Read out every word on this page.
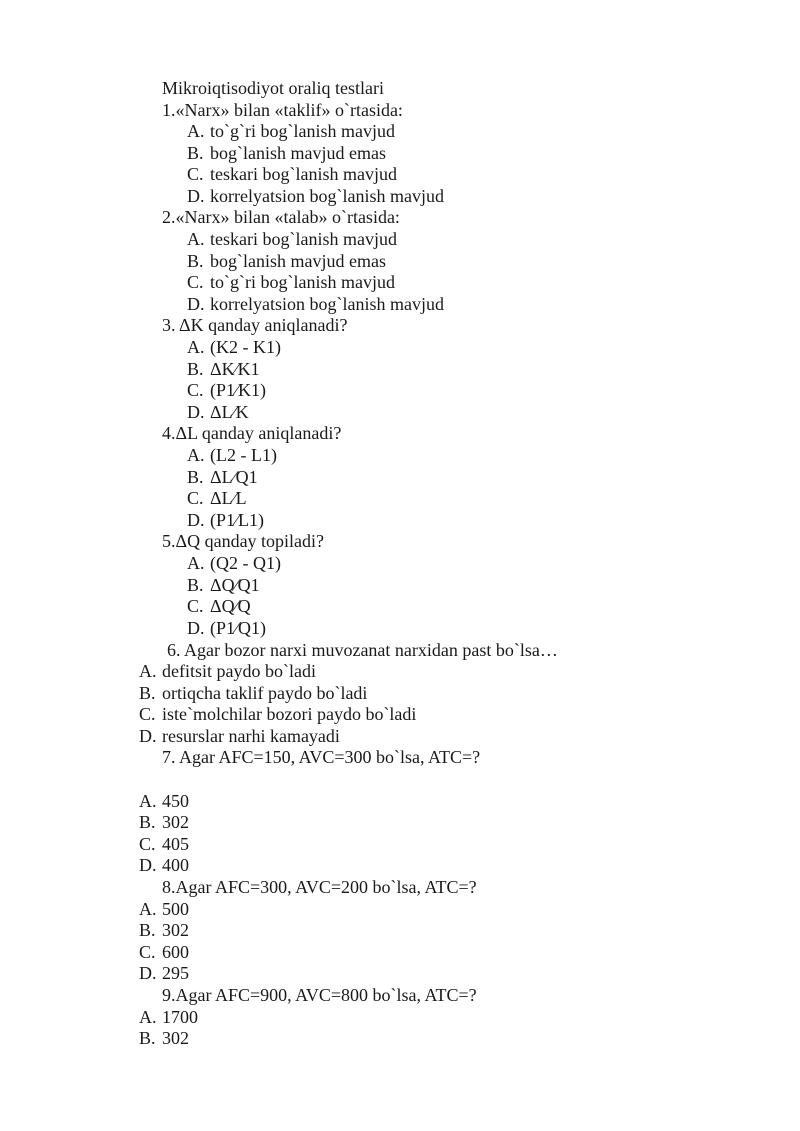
Mikroiqtisodiyot oraliq testlari
1.«Narx» bilan «taklif» o`rtasida:
A. to`g`ri bog`lanish mavjud
B. bog`lanish mavjud emas
C. teskari bog`lanish mavjud
D. korrelyatsion bog`lanish mavjud
2.«Narx» bilan «talab» o`rtasida:
A. teskari bog`lanish mavjud
B. bog`lanish mavjud emas
C. to`g`ri bog`lanish mavjud
D. korrelyatsion bog`lanish mavjud
3. ΔK qanday aniqlanadi?
A. (K2 - K1)
B. ΔK⁄K1
C. (P1⁄K1)
D. ΔL⁄K
4.ΔL qanday aniqlanadi?
A. (L2 - L1)
B. ΔL⁄Q1
C. ΔL⁄L
D. (P1⁄L1)
5.ΔQ qanday topiladi?
A. (Q2 - Q1)
B. ΔQ⁄Q1
C. ΔQ⁄Q
D. (P1⁄Q1)
6. Agar bozor narxi muvozanat narxidan past bo`lsa…
A. defitsit paydo bo`ladi
B. ortiqcha taklif paydo bo`ladi
C. iste`molchilar bozori paydo bo`ladi
D. resurslar narhi kamayadi
7. Agar AFC=150, AVC=300 bo`lsa, ATC=?
A. 450
B. 302
C. 405
D. 400
8.Agar AFC=300, AVC=200 bo`lsa, ATC=?
A. 500
B. 302
C. 600
D. 295
9.Agar AFC=900, AVC=800 bo`lsa, ATC=?
A. 1700
B. 302
